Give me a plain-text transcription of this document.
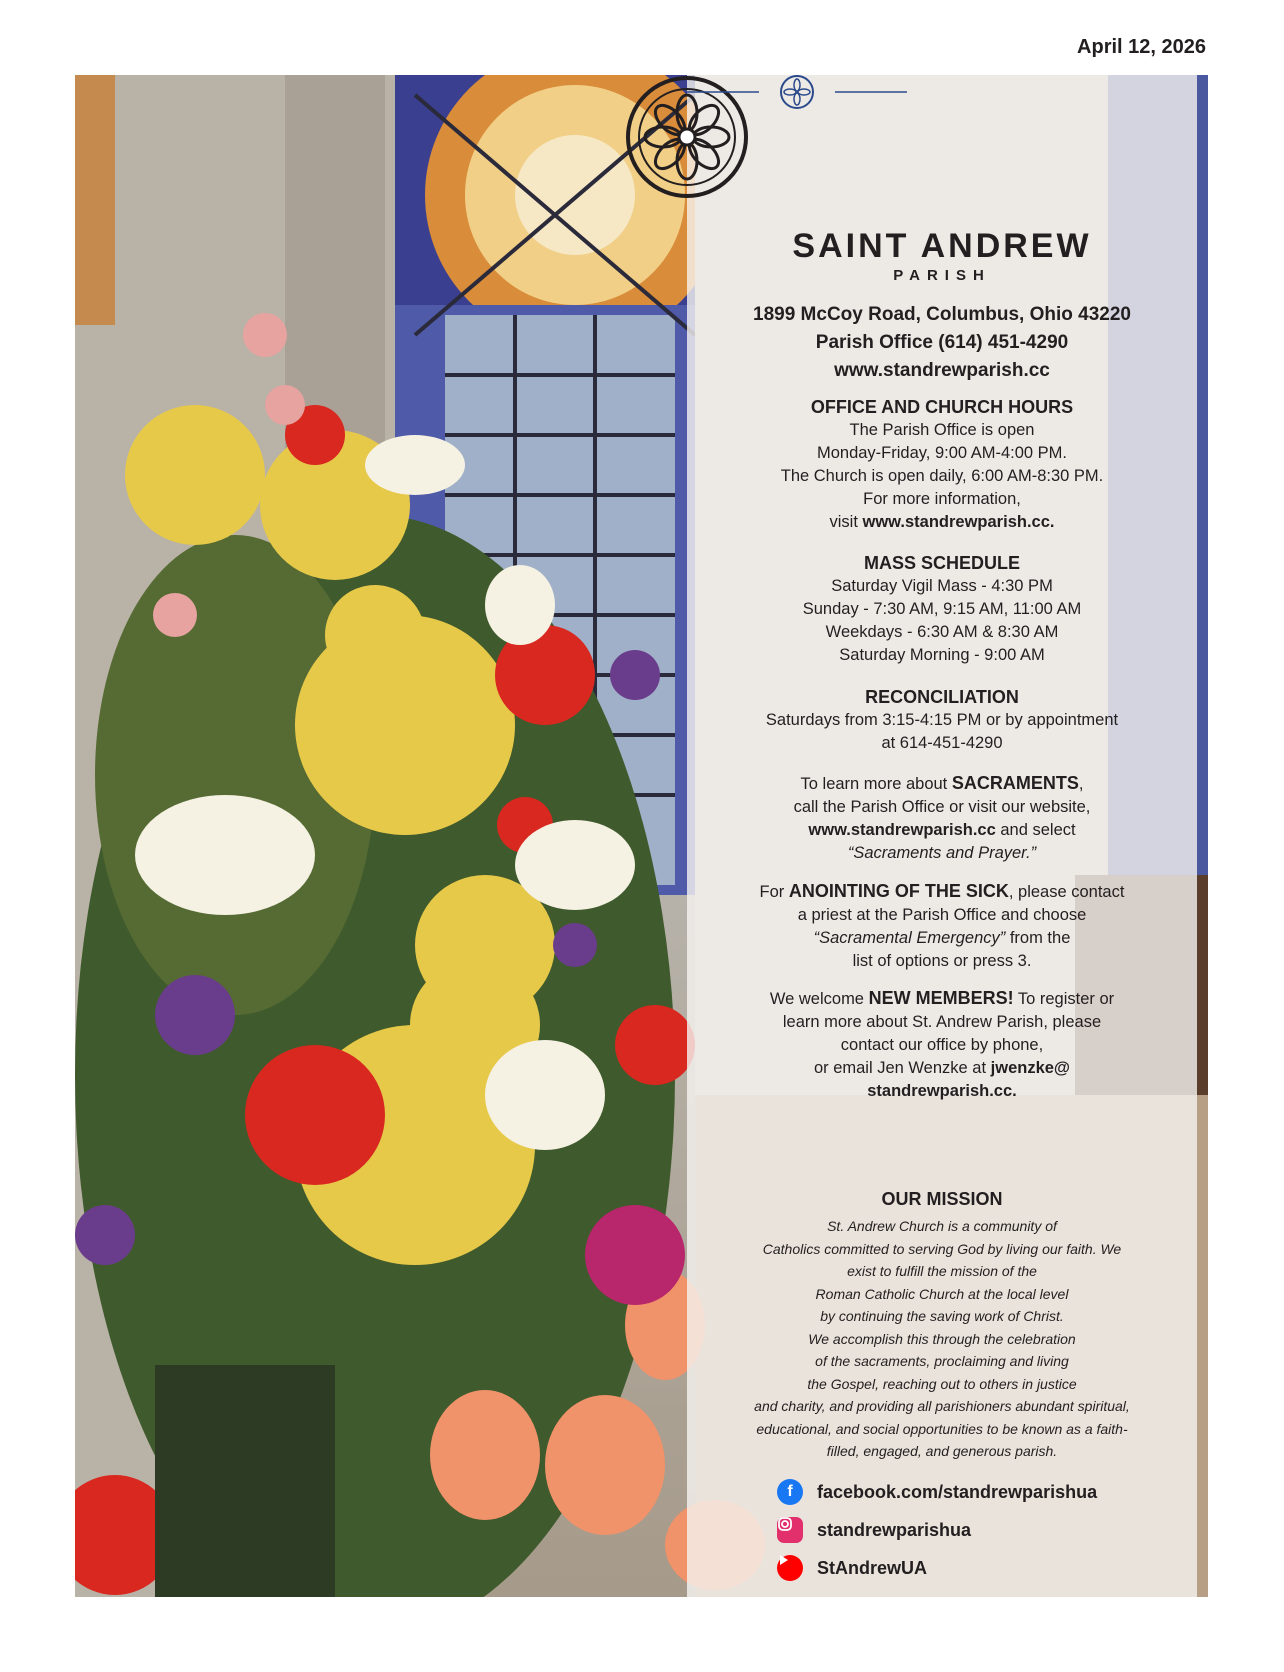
April 12, 2026
SAINT ANDREW
PARISH
1899 McCoy Road, Columbus, Ohio 43220
Parish Office (614) 451-4290
www.standrewparish.cc
OFFICE AND CHURCH HOURS
The Parish Office is open
Monday-Friday, 9:00 AM-4:00 PM.
The Church is open daily, 6:00 AM-8:30 PM.
For more information,
visit www.standrewparish.cc.
MASS SCHEDULE
Saturday Vigil Mass - 4:30 PM
Sunday - 7:30 AM, 9:15 AM, 11:00 AM
Weekdays - 6:30 AM & 8:30 AM
Saturday Morning - 9:00 AM
RECONCILIATION
Saturdays from 3:15-4:15 PM or by appointment
at 614-451-4290
To learn more about SACRAMENTS,
call the Parish Office or visit our website,
www.standrewparish.cc and select
“Sacraments and Prayer.”
For ANOINTING OF THE SICK, please contact
a priest at the Parish Office and choose
“Sacramental Emergency” from the
list of options or press 3.
We welcome NEW MEMBERS! To register or
learn more about St. Andrew Parish, please
contact our office by phone,
or email Jen Wenzke at jwenzke@
standrewparish.cc.
OUR MISSION

St. Andrew Church is a community of
Catholics committed to serving God by living our faith. We
exist to fulfill the mission of the
Roman Catholic Church at the local level
by continuing the saving work of Christ.
We accomplish this through the celebration
of the sacraments, proclaiming and living
the Gospel, reaching out to others in justice
and charity, and providing all parishioners abundant spiritual,
educational, and social opportunities to be known as a faith-
filled, engaged, and generous parish.

f	facebook.com/standrewparishua
standrewparishua
StAndrewUA
